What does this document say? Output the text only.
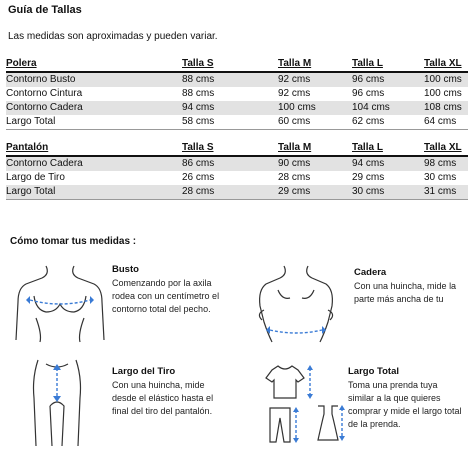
Guía de Tallas
Las medidas son aproximadas y pueden variar.
Polera	Talla S	Talla M	Talla L	Talla XL
Contorno Busto	88 cms	92 cms	96 cms	100 cms
Contorno Cintura	88 cms	92 cms	96 cms	100 cms
Contorno Cadera	94 cms	100 cms	104 cms	108 cms
Largo Total	58 cms	60 cms	62 cms	64 cms
Pantalón	Talla S	Talla M	Talla L	Talla XL
Contorno Cadera	86 cms	90 cms	94 cms	98 cms
Largo de Tiro	26 cms	28 cms	29 cms	30 cms
Largo Total	28 cms	29 cms	30 cms	31 cms
Cómo tomar tus medidas :
Busto
Comenzando por la axila
rodea con un centímetro el
contorno total del pecho.
Cadera
Con una huincha, mide la
parte más ancha de tu
Largo del Tiro
Con una huincha, mide
desde el elástico hasta el
final del tiro del pantalón.
Largo Total
Toma una prenda tuya
similar a la que quieres
comprar y mide el largo total
de la prenda.
